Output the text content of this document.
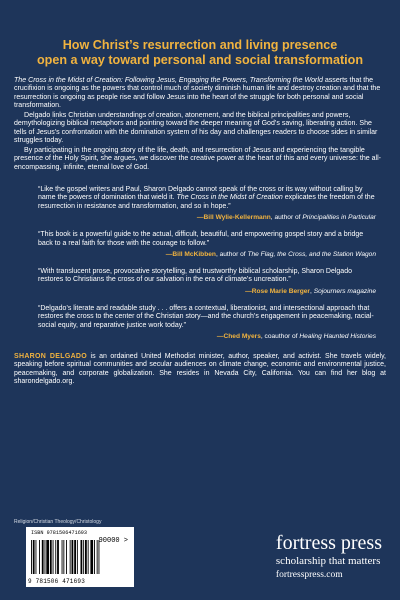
How Christ’s resurrection and living presence
open a way toward personal and social transformation

The Cross in the Midst of Creation: Following Jesus, Engaging the Powers, Transforming the World asserts that the crucifixion is ongoing as the powers that control much of society diminish human life and destroy creation and that the resurrection is ongoing as people rise and follow Jesus into the heart of the struggle for both personal and social transformation.

Delgado links Christian understandings of creation, atonement, and the biblical principalities and powers, demythologizing biblical metaphors and pointing toward the deeper meaning of God’s saving, liberating action. She tells of Jesus’s confrontation with the domination system of his day and challenges readers to choose sides in similar struggles today.

By participating in the ongoing story of the life, death, and resurrection of Jesus and experiencing the tangible presence of the Holy Spirit, she argues, we discover the creative power at the heart of this and every universe: the all-encompassing, infinite, eternal love of God.

“Like the gospel writers and Paul, Sharon Delgado cannot speak of the cross or its way without calling by name the powers of domination that wield it. The Cross in the Midst of Creation explicates the freedom of the resurrection in resistance and transformation, and so in hope.”

—Bill Wylie-Kellermann, author of Principalities in Particular

“This book is a powerful guide to the actual, difficult, beautiful, and empowering gospel story and a bridge back to a real faith for those with the courage to follow.”

—Bill McKibben, author of The Flag, the Cross, and the Station Wagon

“With translucent prose, provocative storytelling, and trustworthy biblical scholarship, Sharon Delgado restores to Christians the cross of our salvation in the era of climate’s uncreation.”

—Rose Marie Berger, Sojourners magazine

“Delgado’s literate and readable study . . . offers a contextual, liberationist, and intersectional approach that restores the cross to the center of the Christian story—and the church’s engagement in peacemaking, racial-social equity, and reparative justice work today.”

—Ched Myers, coauthor of Healing Haunted Histories
SHARON DELGADO is an ordained United Methodist minister, author, speaker, and activist. She travels widely, speaking before spiritual communities and secular audiences on climate change, economic and environmental justice, peacemaking, and corporate globalization. She resides in Nevada City, California. You can find her blog at sharondelgado.org.
Religion/Christian Theology/Christology
ISBN 9781506471693
90000 >
9 781506 471693
fortress press
scholarship that matters
fortresspress.com
